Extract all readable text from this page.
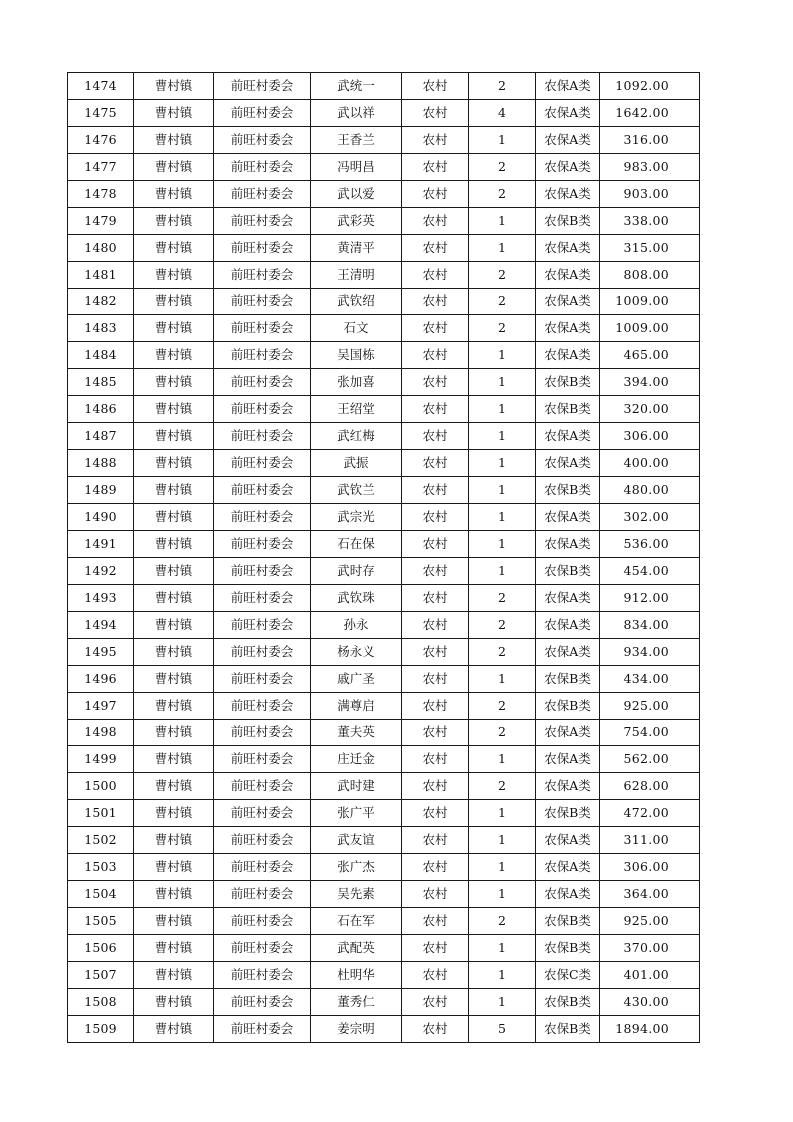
1474	曹村镇	前旺村委会	武统一	农村	2	农保A类	1092.00
1475	曹村镇	前旺村委会	武以祥	农村	4	农保A类	1642.00
1476	曹村镇	前旺村委会	王香兰	农村	1	农保A类	316.00
1477	曹村镇	前旺村委会	冯明昌	农村	2	农保A类	983.00
1478	曹村镇	前旺村委会	武以爱	农村	2	农保A类	903.00
1479	曹村镇	前旺村委会	武彩英	农村	1	农保B类	338.00
1480	曹村镇	前旺村委会	黄清平	农村	1	农保A类	315.00
1481	曹村镇	前旺村委会	王清明	农村	2	农保A类	808.00
1482	曹村镇	前旺村委会	武钦绍	农村	2	农保A类	1009.00
1483	曹村镇	前旺村委会	石文	农村	2	农保A类	1009.00
1484	曹村镇	前旺村委会	吴国栋	农村	1	农保A类	465.00
1485	曹村镇	前旺村委会	张加喜	农村	1	农保B类	394.00
1486	曹村镇	前旺村委会	王绍堂	农村	1	农保B类	320.00
1487	曹村镇	前旺村委会	武红梅	农村	1	农保A类	306.00
1488	曹村镇	前旺村委会	武振	农村	1	农保A类	400.00
1489	曹村镇	前旺村委会	武钦兰	农村	1	农保B类	480.00
1490	曹村镇	前旺村委会	武宗光	农村	1	农保A类	302.00
1491	曹村镇	前旺村委会	石在保	农村	1	农保A类	536.00
1492	曹村镇	前旺村委会	武时存	农村	1	农保B类	454.00
1493	曹村镇	前旺村委会	武钦珠	农村	2	农保A类	912.00
1494	曹村镇	前旺村委会	孙永	农村	2	农保A类	834.00
1495	曹村镇	前旺村委会	杨永义	农村	2	农保A类	934.00
1496	曹村镇	前旺村委会	戚广圣	农村	1	农保B类	434.00
1497	曹村镇	前旺村委会	满尊启	农村	2	农保B类	925.00
1498	曹村镇	前旺村委会	董夫英	农村	2	农保A类	754.00
1499	曹村镇	前旺村委会	庄迁金	农村	1	农保A类	562.00
1500	曹村镇	前旺村委会	武时建	农村	2	农保A类	628.00
1501	曹村镇	前旺村委会	张广平	农村	1	农保B类	472.00
1502	曹村镇	前旺村委会	武友谊	农村	1	农保A类	311.00
1503	曹村镇	前旺村委会	张广杰	农村	1	农保A类	306.00
1504	曹村镇	前旺村委会	吴先素	农村	1	农保A类	364.00
1505	曹村镇	前旺村委会	石在军	农村	2	农保B类	925.00
1506	曹村镇	前旺村委会	武配英	农村	1	农保B类	370.00
1507	曹村镇	前旺村委会	杜明华	农村	1	农保C类	401.00
1508	曹村镇	前旺村委会	董秀仁	农村	1	农保B类	430.00
1509	曹村镇	前旺村委会	姜宗明	农村	5	农保B类	1894.00
